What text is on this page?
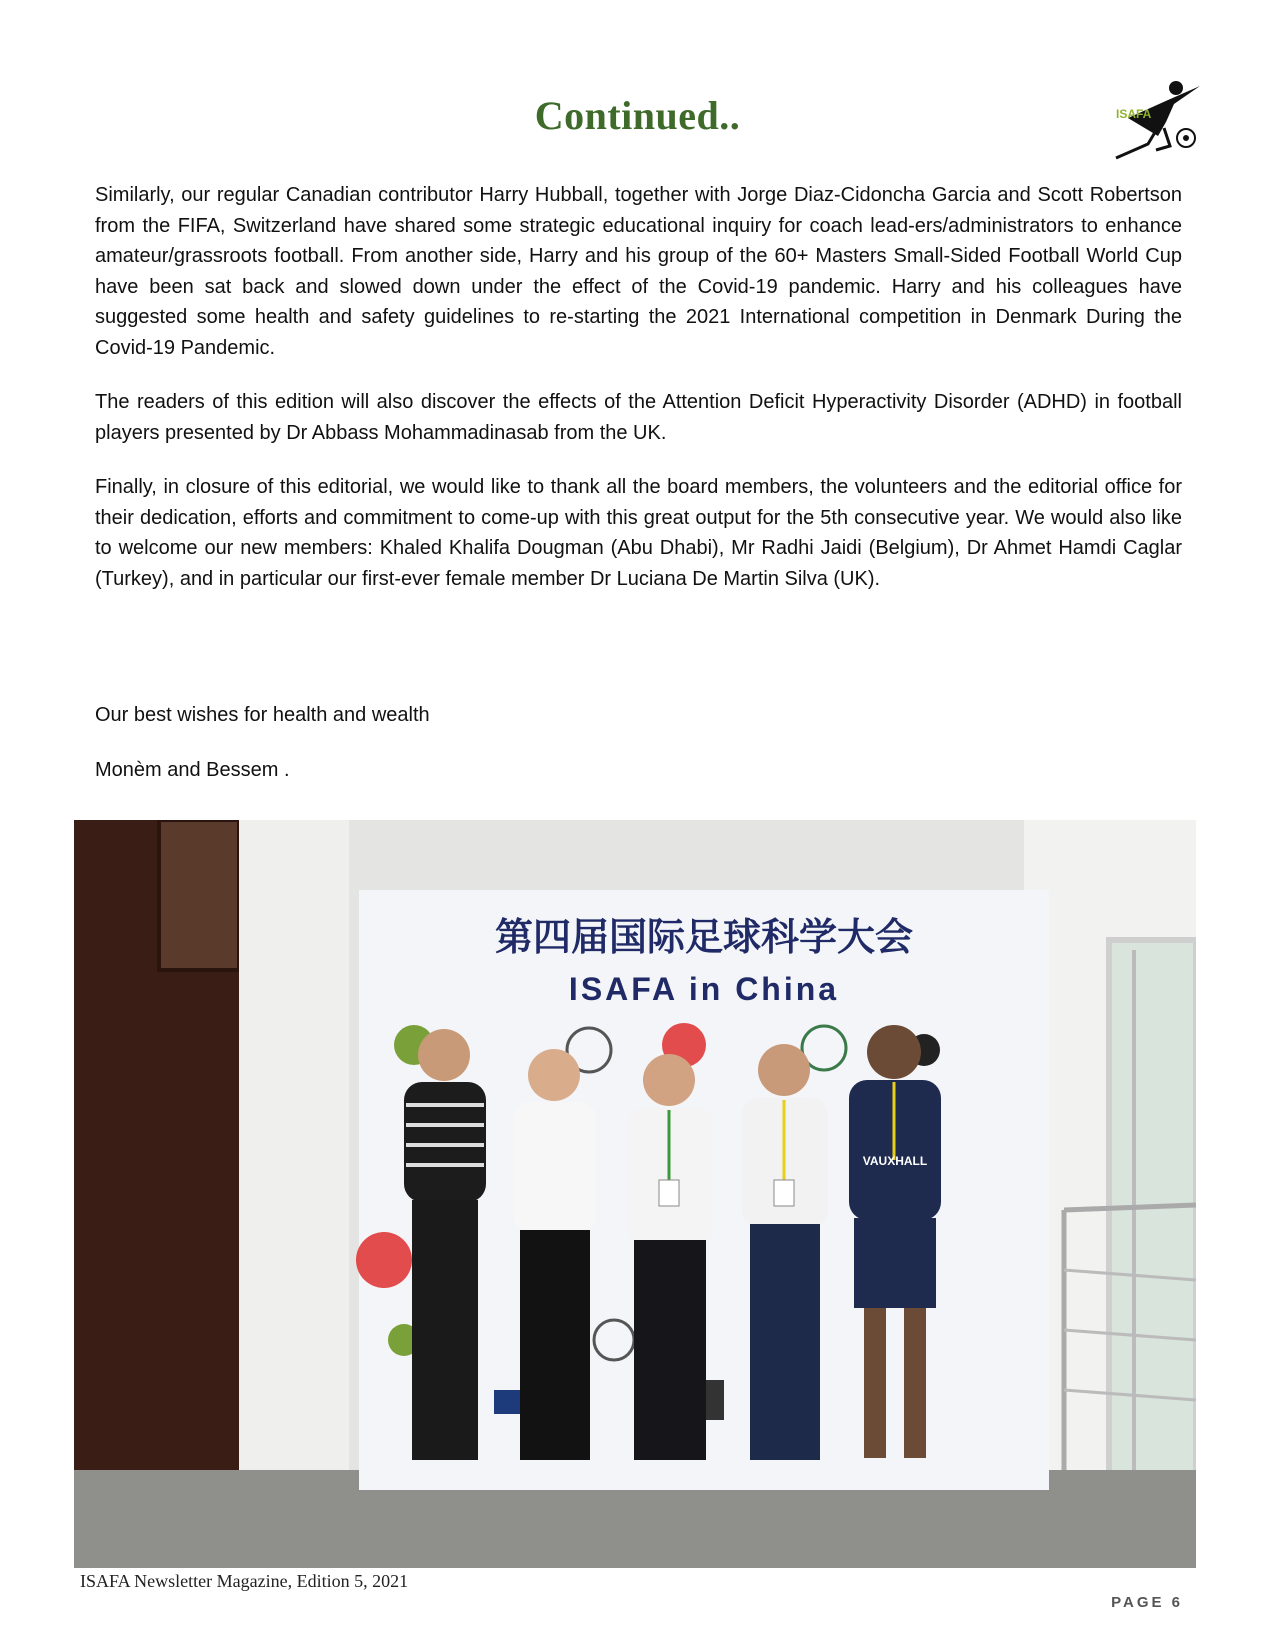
Continued..	ISAFA

Similarly, our regular Canadian contributor Harry Hubball, together with Jorge Diaz-Cidoncha Garcia and Scott Robertson from the FIFA, Switzerland have shared some strategic educational inquiry for coach lead-ers/administrators to enhance amateur/grassroots football. From another side, Harry and his group of the 60+ Masters Small-Sided Football World Cup have been sat back and slowed down under the effect of the Covid-19 pandemic. Harry and his colleagues have suggested some health and safety guidelines to re-starting the 2021 International competition in Denmark During the Covid-19 Pandemic.

The readers of this edition will also discover the effects of the Attention Deficit Hyperactivity Disorder (ADHD) in football players presented by Dr Abbass Mohammadinasab from the UK.

Finally, in closure of this editorial, we would like to thank all the board members, the volunteers and the editorial office for their dedication, efforts and commitment to come-up with this great output for the 5th consecutive year. We would also like to welcome our new members: Khaled Khalifa Dougman (Abu Dhabi), Mr Radhi Jaidi (Belgium), Dr Ahmet Hamdi Caglar (Turkey), and in particular our first-ever female member Dr Luciana De Martin Silva (UK).

Our best wishes for health and wealth
Monèm and Bessem .
第四届国际足球科学大会
ISAFA in China
VAUXHALL
ISAFA Newsletter Magazine, Edition 5, 2021
PAGE 6
